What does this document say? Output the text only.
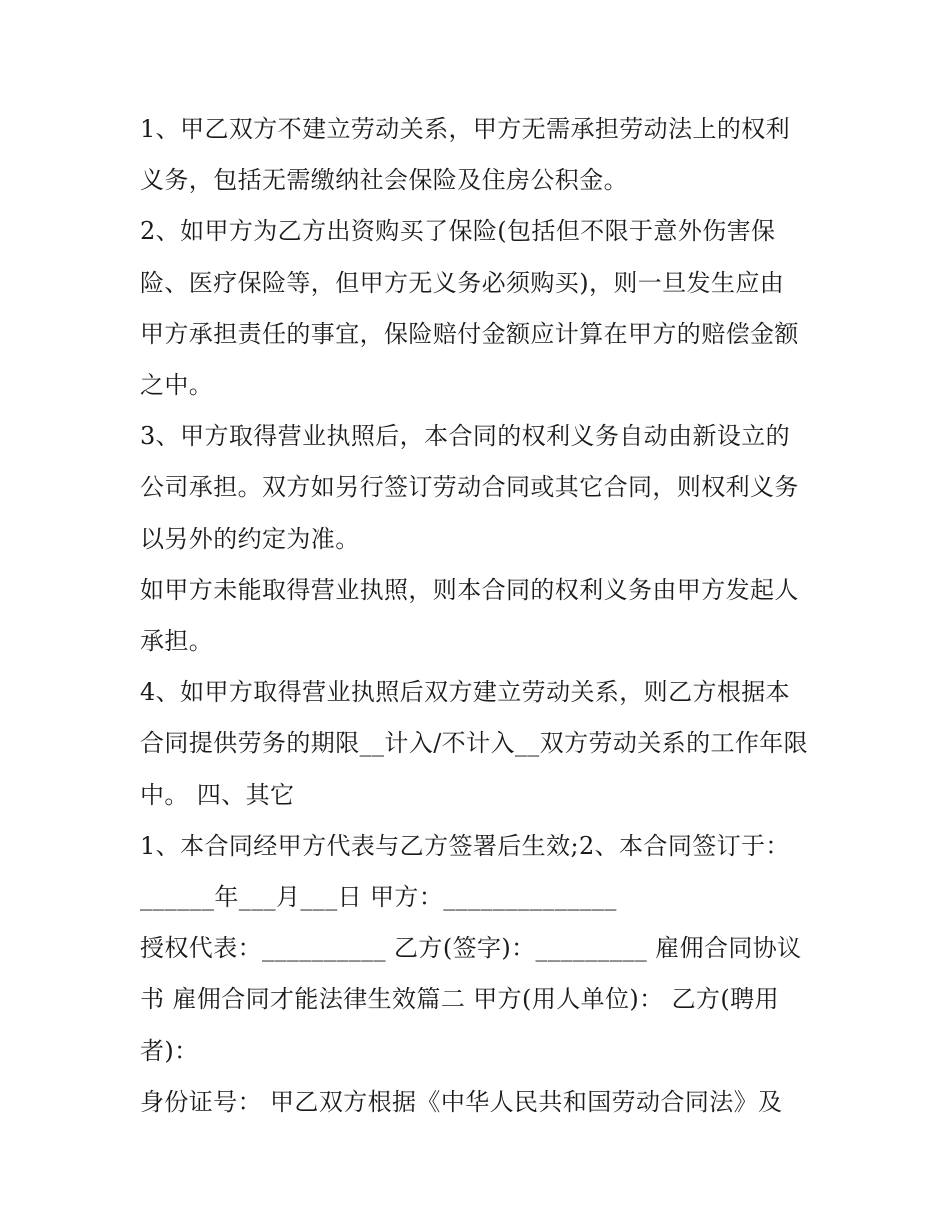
1、甲乙双方不建立劳动关系，甲方无需承担劳动法上的权利
义务，包括无需缴纳社会保险及住房公积金。
2、如甲方为乙方出资购买了保险(包括但不限于意外伤害保
险、医疗保险等，但甲方无义务必须购买)，则一旦发生应由
甲方承担责任的事宜，保险赔付金额应计算在甲方的赔偿金额
之中。
3、甲方取得营业执照后，本合同的权利义务自动由新设立的
公司承担。双方如另行签订劳动合同或其它合同，则权利义务
以另外的约定为准。
如甲方未能取得营业执照，则本合同的权利义务由甲方发起人
承担。
4、如甲方取得营业执照后双方建立劳动关系，则乙方根据本
合同提供劳务的期限__计入/不计入__双方劳动关系的工作年限
中。 四、其它
1、本合同经甲方代表与乙方签署后生效;2、本合同签订于：
______年___月___日 甲方：______________
授权代表：__________ 乙方(签字)：_________ 雇佣合同协议
书 雇佣合同才能法律生效篇二 甲方(用人单位)： 乙方(聘用
者)：
身份证号： 甲乙双方根据《中华人民共和国劳动合同法》及
